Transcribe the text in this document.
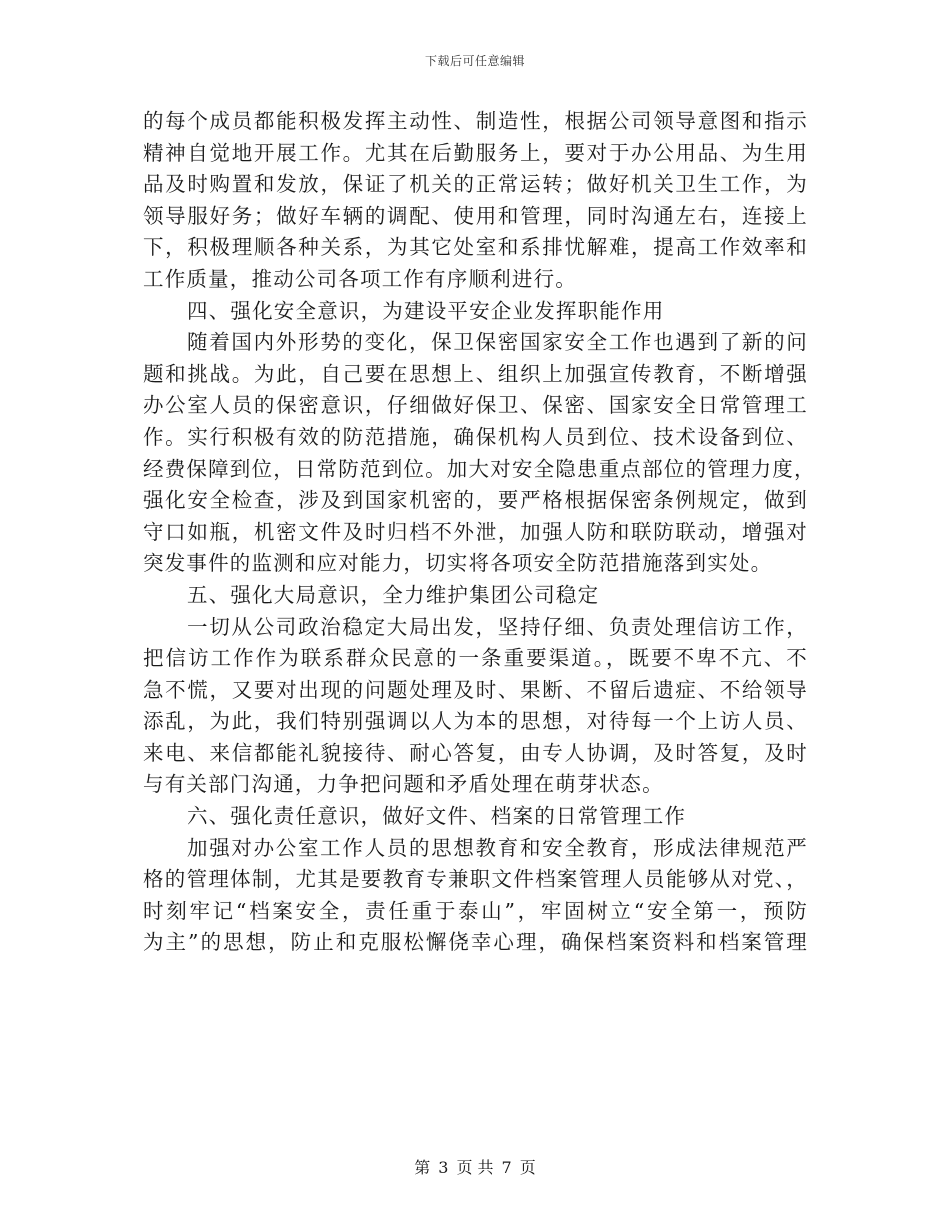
下载后可任意编辑
的每个成员都能积极发挥主动性、制造性，根据公司领导意图和指示
精神自觉地开展工作。尤其在后勤服务上，要对于办公用品、为生用
品及时购置和发放，保证了机关的正常运转；做好机关卫生工作，为
领导服好务；做好车辆的调配、使用和管理，同时沟通左右，连接上
下，积极理顺各种关系，为其它处室和系排忧解难，提高工作效率和
工作质量，推动公司各项工作有序顺利进行。
四、强化安全意识，为建设平安企业发挥职能作用
随着国内外形势的变化，保卫保密国家安全工作也遇到了新的问
题和挑战。为此，自己要在思想上、组织上加强宣传教育，不断增强
办公室人员的保密意识，仔细做好保卫、保密、国家安全日常管理工
作。实行积极有效的防范措施，确保机构人员到位、技术设备到位、
经费保障到位，日常防范到位。加大对安全隐患重点部位的管理力度，
强化安全检查，涉及到国家机密的，要严格根据保密条例规定，做到
守口如瓶，机密文件及时归档不外泄，加强人防和联防联动，增强对
突发事件的监测和应对能力，切实将各项安全防范措施落到实处。
五、强化大局意识，全力维护集团公司稳定
一切从公司政治稳定大局出发，坚持仔细、负责处理信访工作，
把信访工作作为联系群众民意的一条重要渠道。，既要不卑不亢、不
急不慌，又要对出现的问题处理及时、果断、不留后遗症、不给领导
添乱，为此，我们特别强调以人为本的思想，对待每一个上访人员、
来电、来信都能礼貌接待、耐心答复，由专人协调，及时答复，及时
与有关部门沟通，力争把问题和矛盾处理在萌芽状态。
六、强化责任意识，做好文件、档案的日常管理工作
加强对办公室工作人员的思想教育和安全教育，形成法律规范严
格的管理体制，尤其是要教育专兼职文件档案管理人员能够从对党、，
时刻牢记“档案安全，责任重于泰山”，牢固树立“安全第一，预防
为主”的思想，防止和克服松懈侥幸心理，确保档案资料和档案管理
第 3 页 共 7 页
